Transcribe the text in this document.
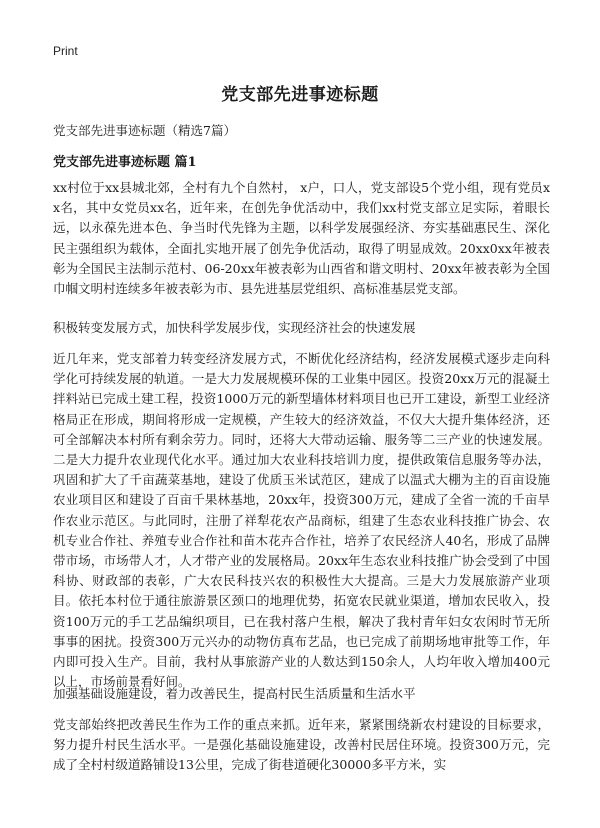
Print
党支部先进事迹标题
党支部先进事迹标题（精选7篇）
党支部先进事迹标题 篇1

xx村位于xx县城北郊，全村有九个自然村， x户，口人，党支部设5个党小组，现有党员xx名，其中女党员xx名，近年来，在创先争优活动中，我们xx村党支部立足实际，着眼长远，以永葆先进本色、争当时代先锋为主题，以科学发展强经济、夯实基础惠民生、深化民主强组织为载体，全面扎实地开展了创先争优活动，取得了明显成效。20xx0xx年被表彰为全国民主法制示范村、06-20xx年被表彰为山西省和谐文明村、20xx年被表彰为全国巾帼文明村连续多年被表彰为市、县先进基层党组织、高标准基层党支部。

积极转变发展方式，加快科学发展步伐，实现经济社会的快速发展

近几年来，党支部着力转变经济发展方式，不断优化经济结构，经济发展模式逐步走向科学化可持续发展的轨道。一是大力发展规模环保的工业集中园区。投资20xx万元的混凝土拌料站已完成土建工程，投资1000万元的新型墙体材料项目也已开工建设，新型工业经济格局正在形成，期间将形成一定规模，产生较大的经济效益，不仅大大提升集体经济，还可全部解决本村所有剩余劳力。同时，还将大大带动运输、服务等二三产业的快速发展。二是大力提升农业现代化水平。通过加大农业科技培训力度，提供政策信息服务等办法，巩固和扩大了千亩蔬菜基地，建设了优质玉米试范区，建成了以温式大棚为主的百亩设施农业项目区和建设了百亩千果林基地，20xx年，投资300万元，建成了全省一流的千亩旱作农业示范区。与此同时，注册了祥犁花农产品商标，组建了生态农业科技推广协会、农机专业合作社、养殖专业合作社和苗木花卉合作社，培养了农民经济人40名，形成了品牌带市场，市场带人才，人才带产业的发展格局。20xx年生态农业科技推广协会受到了中国科协、财政部的表彰，广大农民科技兴农的积极性大大提高。三是大力发展旅游产业项目。依托本村位于通往旅游景区颈口的地理优势，拓宽农民就业渠道，增加农民收入，投资100万元的手工艺品编织项目，已在我村落户生根，解决了我村青年妇女农闲时节无所事事的困扰。投资300万元兴办的动物仿真布艺品，也已完成了前期场地审批等工作，年内即可投入生产。目前，我村从事旅游产业的人数达到150余人，人均年收入增加400元以上，市场前景看好间。

加强基础设施建设，着力改善民生，提高村民生活质量和生活水平

党支部始终把改善民生作为工作的重点来抓。近年来，紧紧围绕新农村建设的目标要求，努力提升村民生活水平。一是强化基础设施建设，改善村民居住环境。投资300万元，完成了全村村级道路铺设13公里，完成了街巷道硬化30000多平方米，实
